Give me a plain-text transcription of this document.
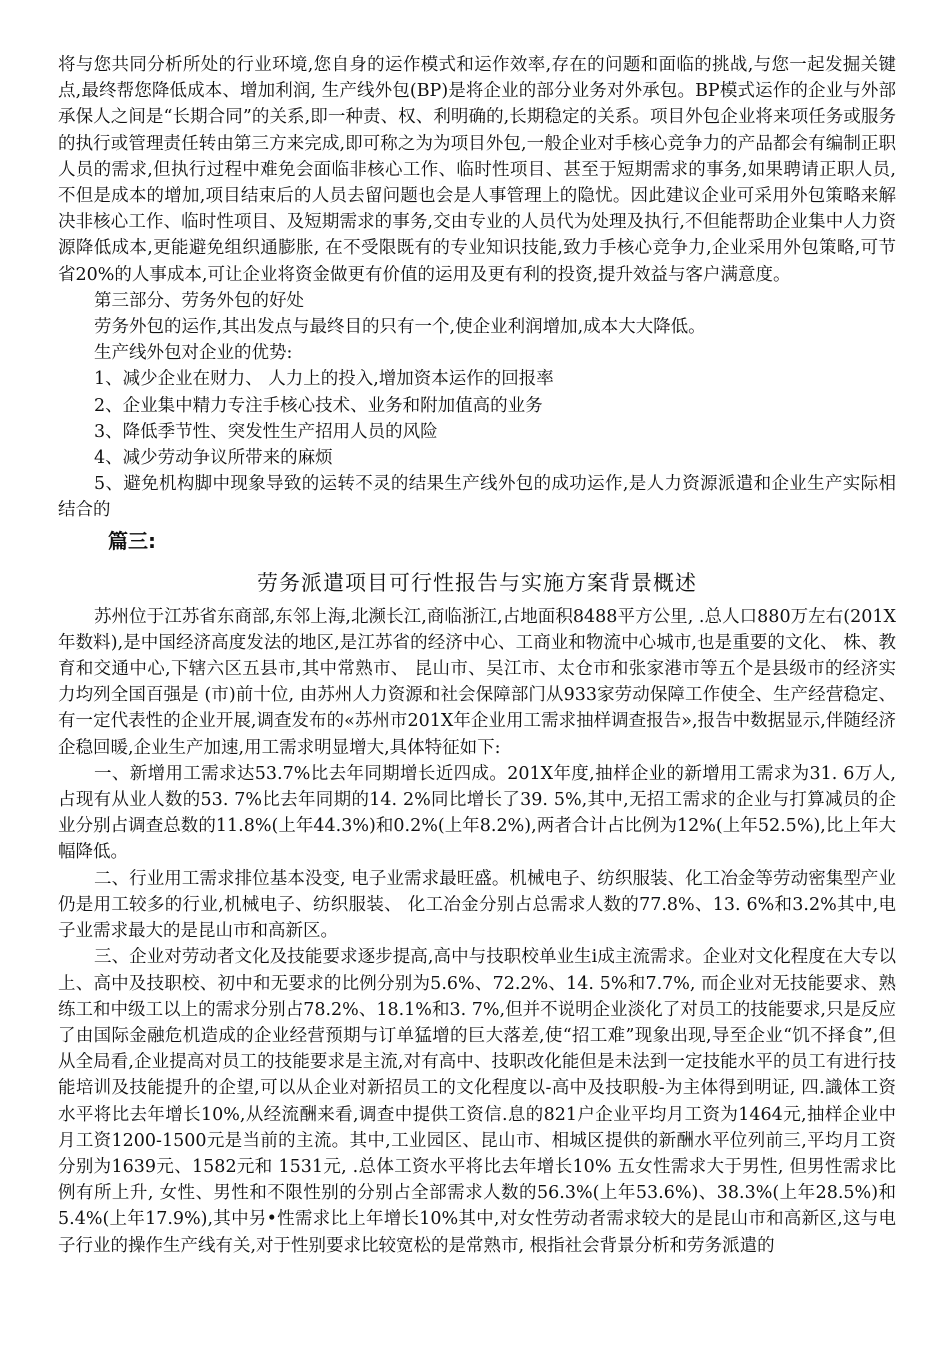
将与您共同分析所处的行业环境,您自身的运作模式和运作效率,存在的问题和面临的挑战,与您一起发掘关键点,最终帮您降低成本、增加利润, 生产线外包(BP)是将企业的部分业务对外承包。BP模式运作的企业与外部承保人之间是“长期合同”的关系,即一种责、权、利明确的,长期稳定的关系。项目外包企业将来项任务或服务的执行或管理责任转由第三方来完成,即可称之为为项目外包,一般企业对手核心竞争力的产品都会有编制正职人员的需求,但执行过程中难免会面临非核心工作、临时性项目、甚至于短期需求的事务,如果聘请正职人员,不但是成本的增加,项目结束后的人员去留问题也会是人事管理上的隐忧。因此建议企业可采用外包策略来解决非核心工作、临时性项目、及短期需求的事务,交由专业的人员代为处理及执行,不但能帮助企业集中人力资源降低成本,更能避免组织通膨胀, 在不受限既有的专业知识技能,致力手核心竞争力,企业采用外包策略,可节省20%的人事成本,可让企业将资金做更有价值的运用及更有利的投资,提升效益与客户满意度。

第三部分、劳务外包的好处

劳务外包的运作,其出发点与最终目的只有一个,使企业利润增加,成本大大降低。

生产线外包对企业的优势:

1、减少企业在财力、 人力上的投入,增加资本运作的回报率

2、企业集中精力专注手核心技术、业务和附加值高的业务

3、降低季节性、突发性生产招用人员的风险

4、减少劳动争议所带来的麻烦

5、避免机构脚中现象导致的运转不灵的结果生产线外包的成功运作,是人力资源派遣和企业生产实际相结合的

篇三:

劳务派遣项目可行性报告与实施方案背景概述

苏州位于江苏省东商部,东邻上海,北濒长江,商临浙江,占地面积8488平方公里, .总人口880万左右(201X年数料),是中国经济高度发法的地区,是江苏省的经济中心、工商业和物流中心城市,也是重要的文化、 株、教育和交通中心,下辖六区五县市,其中常熟市、 昆山市、吴江市、太仓市和张家港市等五个是县级市的经济实力均列全国百强是 (市)前十位, 由苏州人力资源和社会保障部门从933家劳动保障工作使全、生产经营稳定、有一定代表性的企业开展,调查发布的«苏州市201X年企业用工需求抽样调查报告»,报告中数据显示,伴随经济企稳回暖,企业生产加速,用工需求明显增大,具体特征如下:

一、新增用工需求达53.7%比去年同期增长近四成。201X年度,抽样企业的新增用工需求为31. 6万人, 占现有从业人数的53. 7%比去年同期的14. 2%同比增长了39. 5%,其中,无招工需求的企业与打算减员的企业分别占调查总数的11.8%(上年44.3%)和0.2%(上年8.2%),两者合计占比例为12%(上年52.5%),比上年大幅降低。

二、行业用工需求排位基本没变, 电子业需求最旺盛。机械电子、纺织服装、化工冶金等劳动密集型产业仍是用工较多的行业,机械电子、纺织服装、 化工冶金分别占总需求人数的77.8%、13. 6%和3.2%其中,电子业需求最大的是昆山市和高新区。

三、企业对劳动者文化及技能要求逐步提高,高中与技职校单业生i成主流需求。企业对文化程度在大专以上、高中及技职校、初中和无要求的比例分别为5.6%、72.2%、14. 5%和7.7%, 而企业对无技能要求、熟练工和中级工以上的需求分别占78.2%、18.1%和3. 7%,但并不说明企业淡化了对员工的技能要求,只是反应了由国际金融危机造成的企业经营预期与订单猛增的巨大落差,使“招工难”现象出现,导至企业“饥不择食”,但从全局看,企业提高对员工的技能要求是主流,对有高中、技职改化能但是未法到一定技能水平的员工有进行技能培训及技能提升的企望,可以从企业对新招员工的文化程度以-高中及技职般-为主体得到明证, 四.識体工资水平将比去年增长10%,从经流酬来看,调查中提供工资信.息的821户企业平均月工资为1464元,抽样企业中月工资1200-1500元是当前的主流。其中,工业园区、昆山市、相城区提供的新酬水平位列前三,平均月工资分别为1639元、1582元和 1531元, .总体工资水平将比去年增长10% 五女性需求大于男性, 但男性需求比例有所上升, 女性、男性和不限性别的分别占全部需求人数的56.3%(上年53.6%)、38.3%(上年28.5%)和5.4%(上年17.9%),其中另•性需求比上年增长10%其中,对女性劳动者需求较大的是昆山市和高新区,这与电子行业的操作生产线有关,对于性别要求比较宽松的是常熟市, 根指社会背景分析和劳务派遣的
